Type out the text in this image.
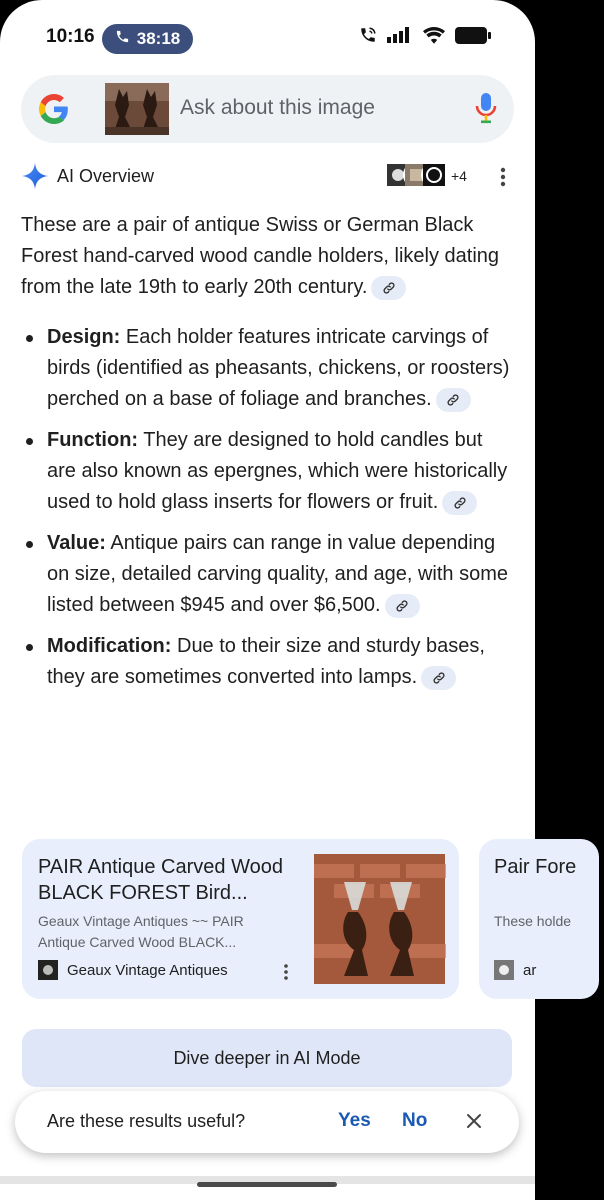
10:16 38:18
Ask about this image
AI Overview	+4

These are a pair of antique Swiss or German Black Forest hand-carved wood candle holders, likely dating from the late 19th to early 20th century.

Design: Each holder features intricate carvings of birds (identified as pheasants, chickens, or roosters) perched on a base of foliage and branches.
Function: They are designed to hold candles but are also known as epergnes, which were historically used to hold glass inserts for flowers or fruit.
Value: Antique pairs can range in value depending on size, detailed carving quality, and age, with some listed between $945 and over $6,500.
Modification: Due to their size and sturdy bases, they are sometimes converted into lamps.
PAIR Antique Carved Wood BLACK FOREST Bird...
Geaux Vintage Antiques ~~ PAIR Antique Carved Wood BLACK...
Geaux Vintage Antiques
Pair Fore
These holde
ar
Dive deeper in AI Mode
Are these results useful?	Yes No
